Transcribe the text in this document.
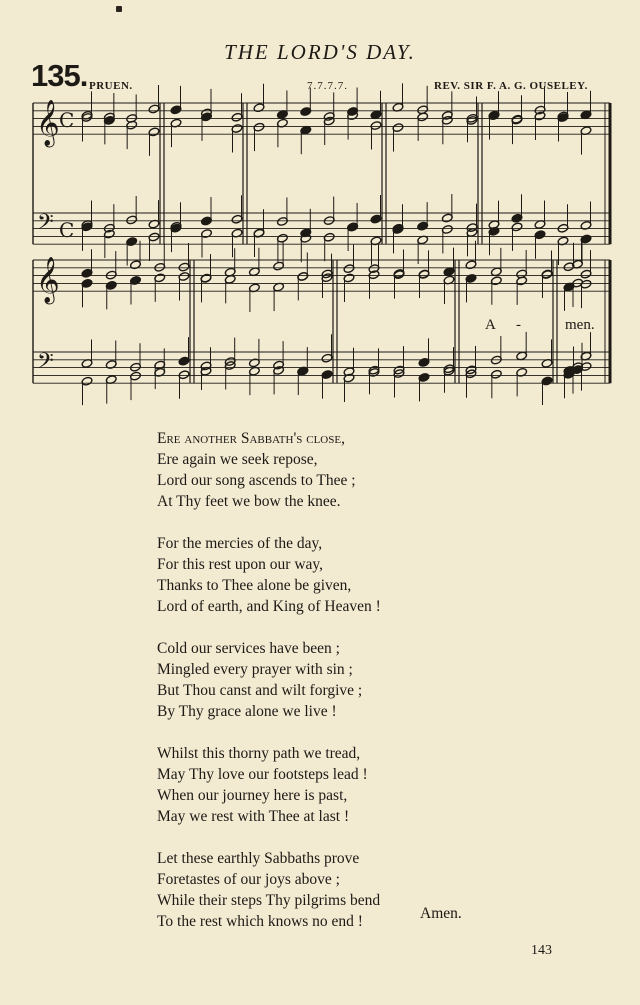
THE LORD'S DAY.
135. PRUEN.	7.7.7.7.	REV. SIR F. A. G. OUSELEY.
𝄞
𝄢
C
C
𝄞
𝄢
A -	men.
Ere another Sabbath's close,
Ere again we seek repose,
Lord our song ascends to Thee ;
At Thy feet we bow the knee.
For the mercies of the day,
For this rest upon our way,
Thanks to Thee alone be given,
Lord of earth, and King of Heaven !
Cold our services have been ;
Mingled every prayer with sin ;
But Thou canst and wilt forgive ;
By Thy grace alone we live !
Whilst this thorny path we tread,
May Thy love our footsteps lead !
When our journey here is past,
May we rest with Thee at last !
Let these earthly Sabbaths prove
Foretastes of our joys above ;
While their steps Thy pilgrims bend
To the rest which knows no end !	Amen.
143
